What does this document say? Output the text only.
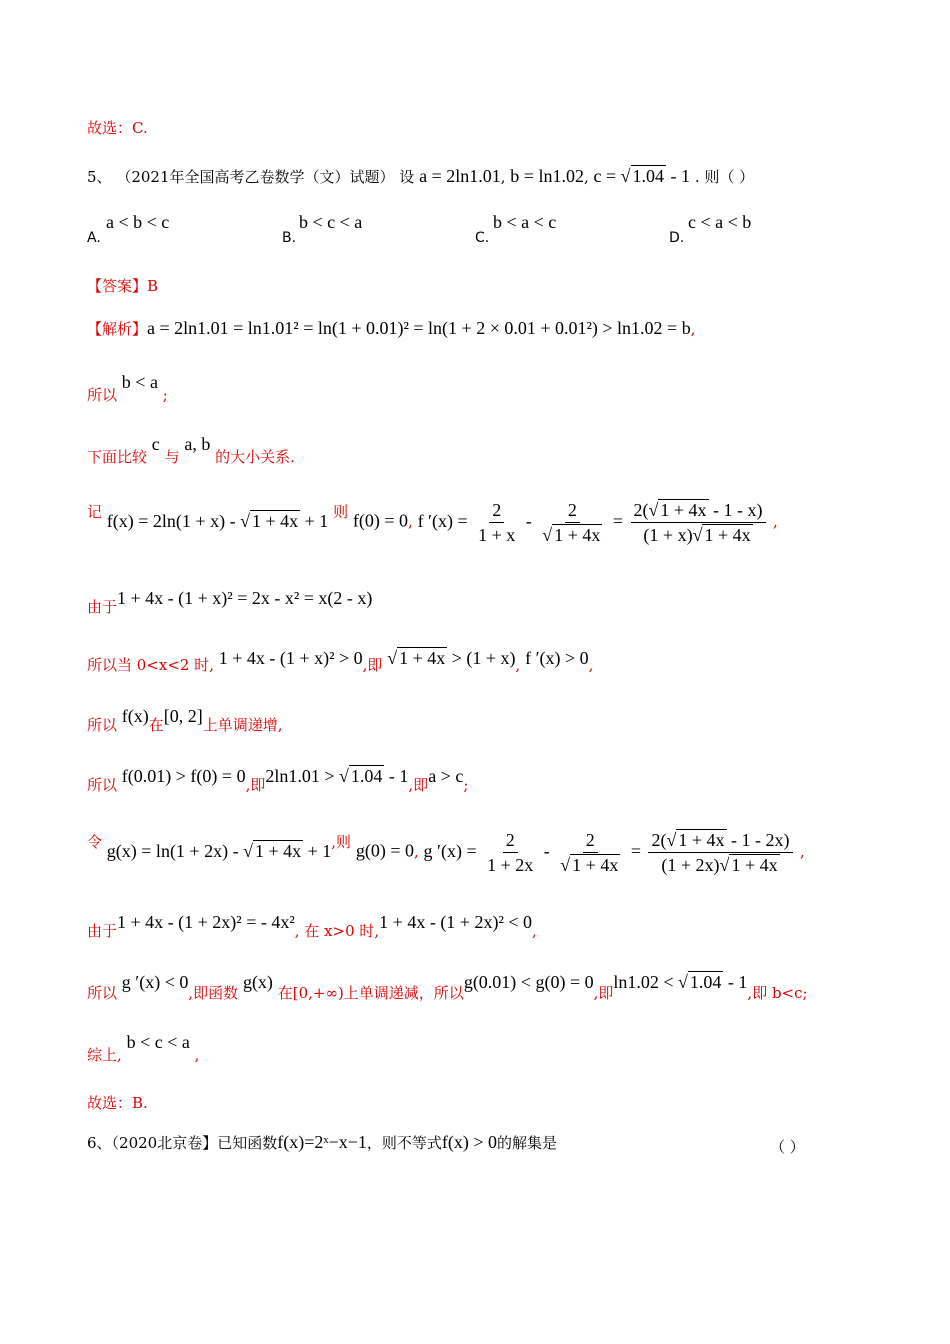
故选：C.
5、 （2021年全国高考乙卷数学（文）试题） 设 a = 2ln1.01, b = ln1.02, c = √ 1.04 - 1 . 则（ ）
A.
a < b < c
B.
b < c < a
C.
b < a < c
D.
c < a < b
【答案】B
【解析】a = 2ln1.01 = ln1.01² = ln(1 + 0.01)² = ln(1 + 2 × 0.01 + 0.01²) > ln1.02 = b,
所以 b < a ;
下面比较 c 与 a, b 的大小关系.
记 f(x) = 2ln(1 + x) - √ 1 + 4x + 1 则 f(0) = 0, f $'(x) = \frac{2}{1 + x} - \frac{2}{√ 1 + 4x} = \frac{2(√ 1 + 4x - 1 - x)}{(1 + x)√ 1 + 4x}$ ,
由于1 + 4x - (1 + x)² = 2x - x² = x(2 - x)
所以当 0<x<2 时, 1 + 4x - (1 + x)² > 0,即 √ 1 + 4x > (1 + x), f ′(x) > 0,
所以 f(x)在[0, 2]上单调递增,
所以 f(0.01) > f(0) = 0,即2ln1.01 > √ 1.04 - 1,即a > c;
令 g(x) = ln(1 + 2x) - √ 1 + 4x + 1,则 g(0) = 0, g $'(x) = \frac{2}{1 + 2x} - \frac{2}{√ 1 + 4x} = \frac{2(√ 1 + 4x - 1 - 2x)}{(1 + 2x)√ 1 + 4x}$ ,
由于1 + 4x - (1 + 2x)² = - 4x², 在 x>0 时,1 + 4x - (1 + 2x)² < 0,
所以 g ′(x) < 0,即函数 g(x) 在[0,+∞)上单调递减，所以g(0.01) < g(0) = 0,即ln1.02 < √ 1.04 - 1,即 b<c;
综上, b < c < a ,
故选：B.
6、（2020北京卷】已知函数f(x)=2ˣ−x−1，则不等式f(x) > 0的解集是	（ ）
